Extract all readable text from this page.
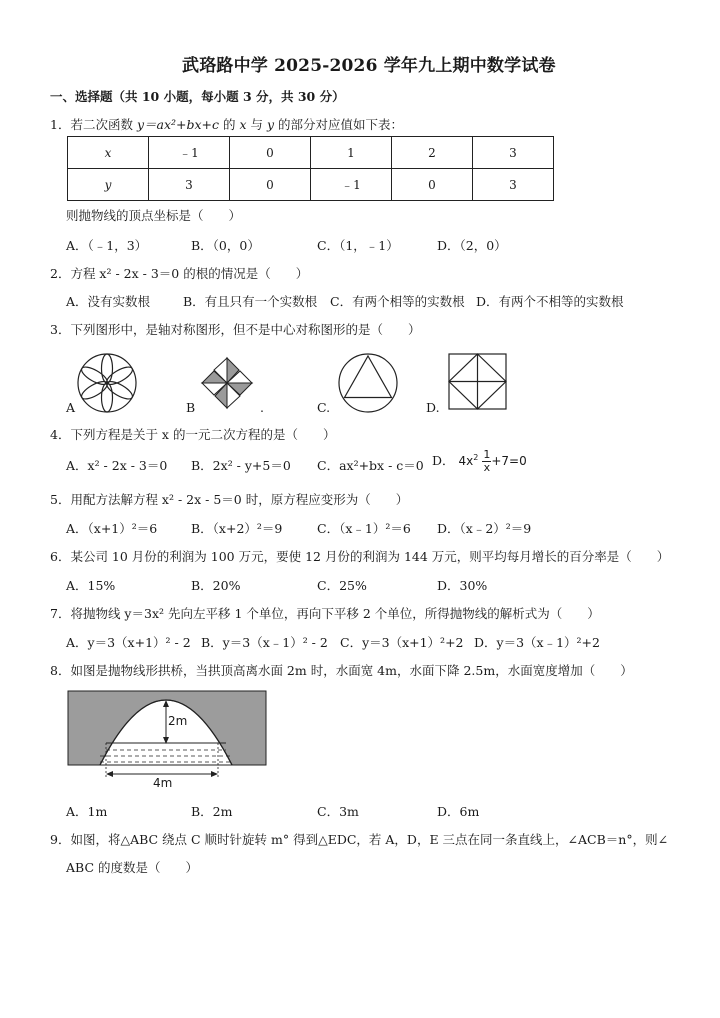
武珞路中学 2025-2026 学年九上期中数学试卷
一、选择题（共 10 小题，每小题 3 分，共 30 分）
1．若二次函数 y＝ax²+bx+c 的 x 与 y 的部分对应值如下表：
x	﹣1	0	1	2	3
y	3	0	﹣1	0	3
则抛物线的顶点坐标是（　　）
A．（﹣1，3）	B．（0，0）	C．（1，﹣1）	D．（2，0）
2．方程 x² - 2x - 3＝0 的根的情况是（　　）
A．没有实数根	B．有且只有一个实数根 C．有两个相等的实数根 D．有两个不相等的实数根
3．下列图形中，是轴对称图形，但不是中心对称图形的是（　　）
A	B	.	C.	D.
4．下列方程是关于 x 的一元二次方程的是（　　）
A．x² - 2x - 3＝0 B．2x² - y+5＝0 C．ax²+bx - c＝0 D． $4x^2 \frac{1}{x} +7=0$
5．用配方法解方程 x² - 2x - 5＝0 时，原方程应变形为（　　）
A．（x+1）²＝6	B．（x+2）²＝9	C．（x﹣1）²＝6 D．（x﹣2）²＝9
6．某公司 10 月份的利润为 100 万元，要使 12 月份的利润为 144 万元，则平均每月增长的百分率是（　　）
A．15%	B．20%	C．25%	D．30%
7．将抛物线 y＝3x² 先向左平移 1 个单位，再向下平移 2 个单位，所得抛物线的解析式为（　　）
A．y＝3（x+1）² - 2 B．y＝3（x﹣1）² - 2 C．y＝3（x+1）²+2 D．y＝3（x﹣1）²+2
8．如图是抛物线形拱桥，当拱顶高离水面 2m 时，水面宽 4m，水面下降 2.5m，水面宽度增加（　　）
2m
4m
A．1m	B．2m	C．3m	D．6m
9．如图，将△ABC 绕点 C 顺时针旋转 m° 得到△EDC，若 A，D，E 三点在同一条直线上，∠ACB＝n°，则∠
ABC 的度数是（　　）
